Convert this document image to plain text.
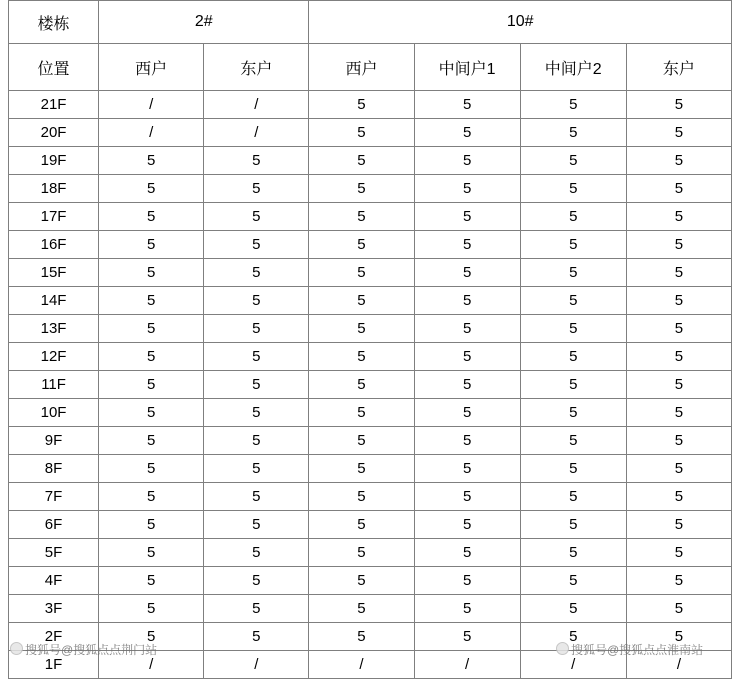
楼栋	2#		10#			
位置	西户	东户	西户	中间户1	中间户2	东户
21F	/	/	5	5	5	5
20F	/	/	5	5	5	5
19F	5	5	5	5	5	5
18F	5	5	5	5	5	5
17F	5	5	5	5	5	5
16F	5	5	5	5	5	5
15F	5	5	5	5	5	5
14F	5	5	5	5	5	5
13F	5	5	5	5	5	5
12F	5	5	5	5	5	5
11F	5	5	5	5	5	5
10F	5	5	5	5	5	5
9F	5	5	5	5	5	5
8F	5	5	5	5	5	5
7F	5	5	5	5	5	5
6F	5	5	5	5	5	5
5F	5	5	5	5	5	5
4F	5	5	5	5	5	5
3F	5	5	5	5	5	5
2F	5	5	5	5	5	5
1F	/	/	/	/	/	/
搜狐号@搜狐点点荆门站	搜狐号@搜狐点点淮南站
